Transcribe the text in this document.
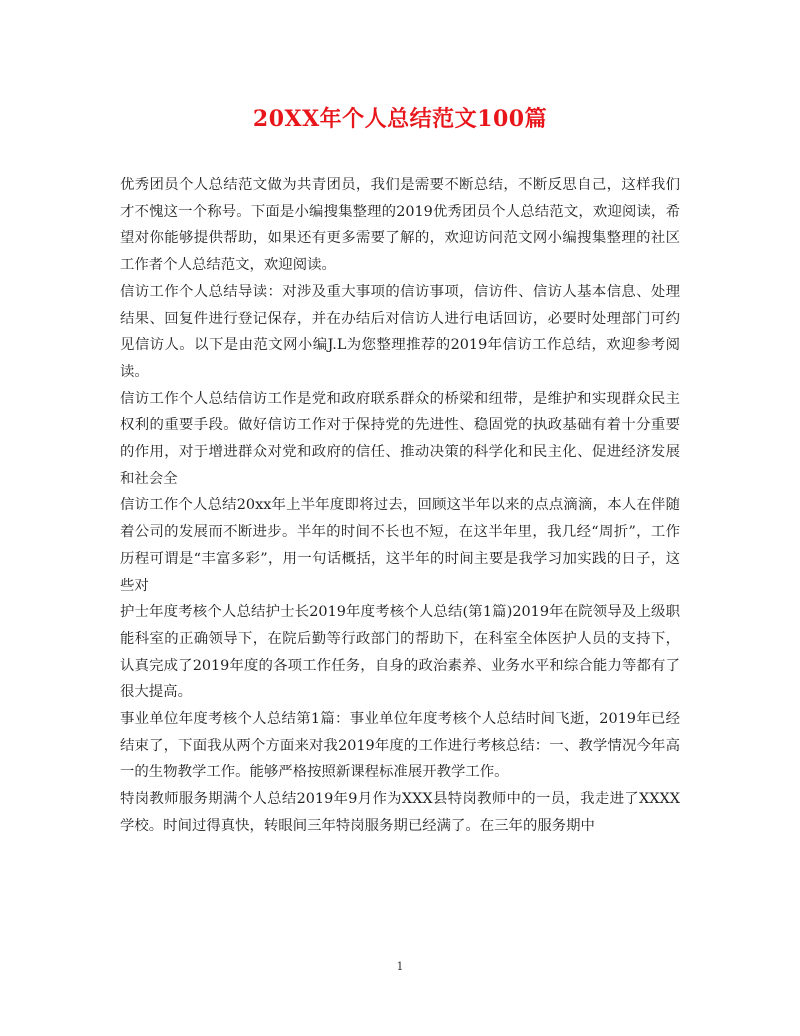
20XX年个人总结范文100篇

优秀团员个人总结范文做为共青团员，我们是需要不断总结，不断反思自己，这样我们才不愧这一个称号。下面是小编搜集整理的2019优秀团员个人总结范文，欢迎阅读，希望对你能够提供帮助，如果还有更多需要了解的，欢迎访问范文网小编搜集整理的社区工作者个人总结范文，欢迎阅读。

信访工作个人总结导读：对涉及重大事项的信访事项，信访件、信访人基本信息、处理结果、回复件进行登记保存，并在办结后对信访人进行电话回访，必要时处理部门可约见信访人。以下是由范文网小编J.L为您整理推荐的2019年信访工作总结，欢迎参考阅读。

信访工作个人总结信访工作是党和政府联系群众的桥梁和纽带，是维护和实现群众民主权利的重要手段。做好信访工作对于保持党的先进性、稳固党的执政基础有着十分重要的作用，对于增进群众对党和政府的信任、推动决策的科学化和民主化、促进经济发展和社会全

信访工作个人总结20xx年上半年度即将过去，回顾这半年以来的点点滴滴，本人在伴随着公司的发展而不断进步。半年的时间不长也不短，在这半年里，我几经“周折”，工作历程可谓是“丰富多彩”，用一句话概括，这半年的时间主要是我学习加实践的日子，这些对

护士年度考核个人总结护士长2019年度考核个人总结(第1篇)2019年在院领导及上级职能科室的正确领导下，在院后勤等行政部门的帮助下，在科室全体医护人员的支持下，认真完成了2019年度的各项工作任务，自身的政治素养、业务水平和综合能力等都有了很大提高。

事业单位年度考核个人总结第1篇：事业单位年度考核个人总结时间飞逝，2019年已经结束了，下面我从两个方面来对我2019年度的工作进行考核总结：一、教学情况今年高一的生物教学工作。能够严格按照新课程标准展开教学工作。

特岗教师服务期满个人总结2019年9月作为XXX县特岗教师中的一员，我走进了XXXX学校。时间过得真快，转眼间三年特岗服务期已经满了。在三年的服务期中

1
